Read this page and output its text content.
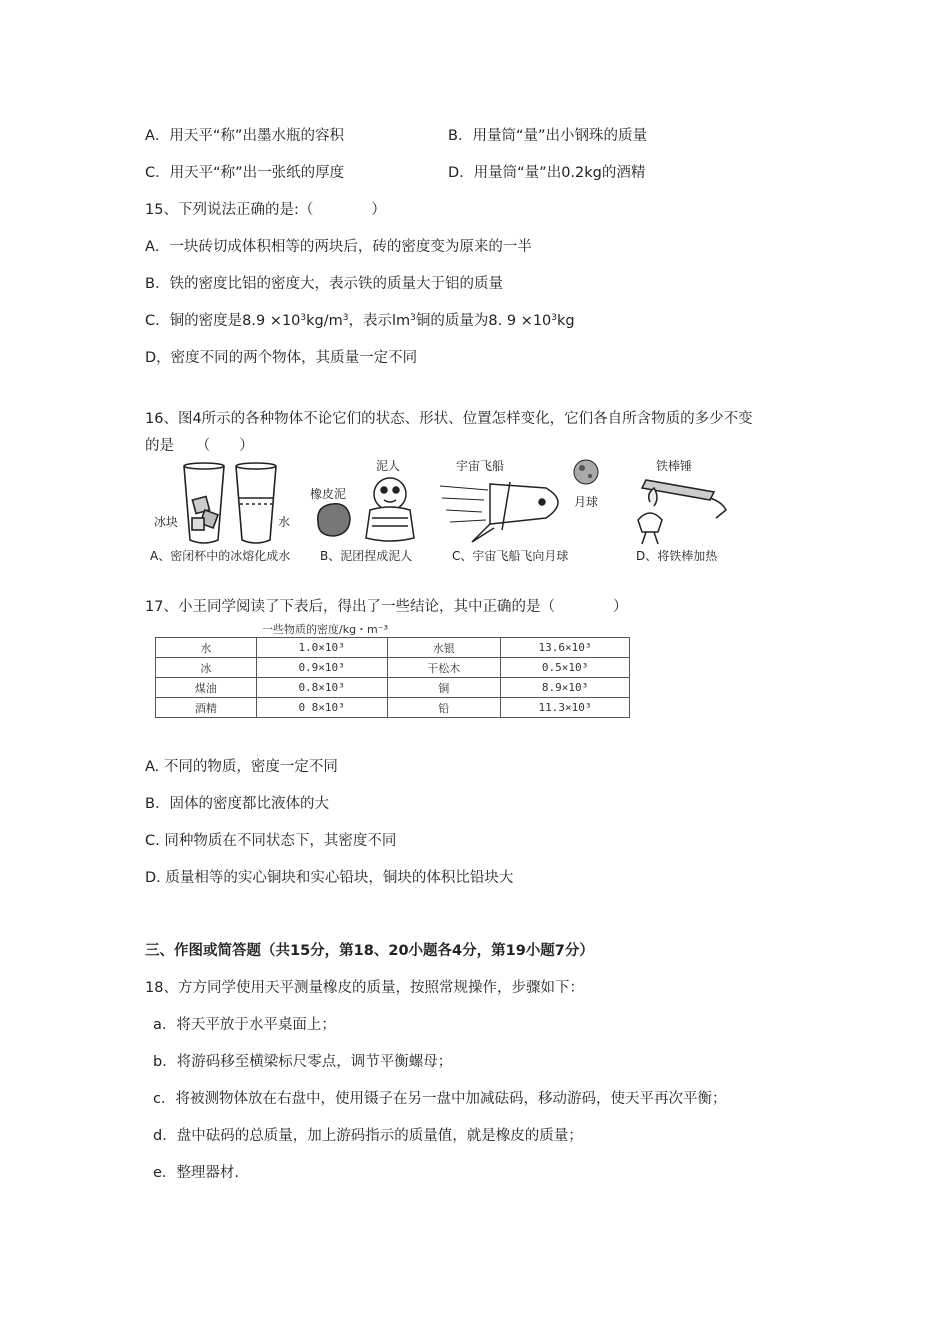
A．用天平“称”出墨水瓶的容积	B．用量筒“量”出小钢珠的质量
C．用天平“称”出一张纸的厚度	D．用量筒“量”出0.2kg的酒精
15、下列说法正确的是:（　　　　）
A．一块砖切成体积相等的两块后，砖的密度变为原来的一半
B．铁的密度比铝的密度大，表示铁的质量大于铝的质量
C．铜的密度是$8.9 \times 10^3kg/m^3$，表示$lm^3$铜的质量为8. $9 \times 10^3kg$
D，密度不同的两个物体，其质量一定不同
16、图4所示的各种物体不论它们的状态、形状、位置怎样变化，它们各自所含物质的多少不变
的是　　（　　）
冰块	水
橡皮泥
泥人	宇宙飞船
月球
铁棒锤
A、密闭杯中的冰熔化成水 B、泥团捏成泥人	C、宇宙飞船飞向月球	D、将铁棒加热
17、小王同学阅读了下表后，得出了一些结论，其中正确的是（　　　　）
一些物质的密度/kg・m⁻³
水	1.0×10³	水银	13.6×10³
冰	0.9×10³	干松木	0.5×10³
煤油	0.8×10³	铜	8.9×10³
酒精	0 8×10³	铅	11.3×10³
A. 不同的物质，密度一定不同
B．固体的密度都比液体的大
C. 同种物质在不同状态下，其密度不同
D. 质量相等的实心铜块和实心铅块，铜块的体积比铅块大
三、作图或简答题（共15分，第18、20小题各4分，第19小题7分）
18、方方同学使用天平测量橡皮的质量，按照常规操作，步骤如下：
a．将天平放于水平桌面上；
b．将游码移至横梁标尺零点，调节平衡螺母；
c．将被测物体放在右盘中，使用镊子在另一盘中加减砝码，移动游码，使天平再次平衡；
d．盘中砝码的总质量，加上游码指示的质量值，就是橡皮的质量；
e．整理器材.
